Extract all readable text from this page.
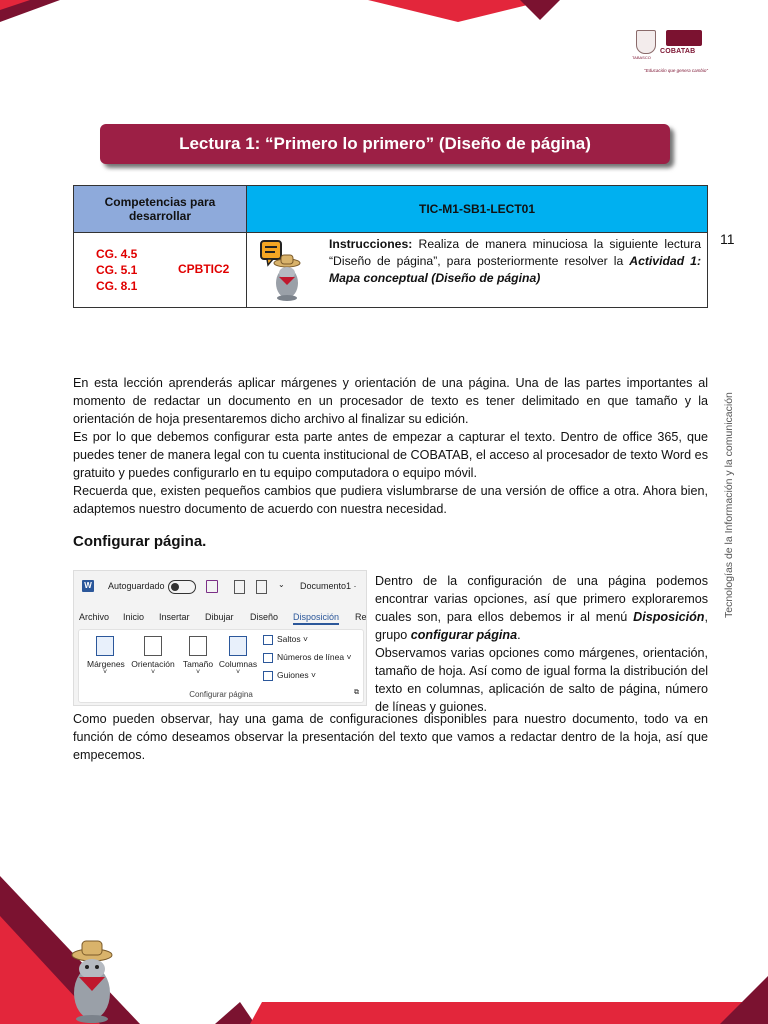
TABASCO
COBATAB
"Educación que genera cambio"
Lectura 1: “Primero lo primero” (Diseño de página)
Competencias para desarrollar	TIC-M1-SB1-LECT01

CG. 4.5
CG. 5.1
CG. 8.1
CPBTIC2	Instrucciones: Realiza de manera minuciosa la siguiente lectura “Diseño de página”, para posteriormente resolver la Actividad 1: Mapa conceptual (Diseño de página)
11
Tecnologías de la Información y la comunicación
En esta lección aprenderás aplicar márgenes y orientación de una página. Una de las partes importantes al momento de redactar un documento en un procesador de texto es tener delimitado en que tamaño y la orientación de hoja presentaremos dicho archivo al finalizar su edición.
Es por lo que debemos configurar esta parte antes de empezar a capturar el texto. Dentro de office 365, que puedes tener de manera legal con tu cuenta institucional de COBATAB, el acceso al procesador de texto Word es gratuito y puedes configurarlo en tu equipo computadora o equipo móvil.
Recuerda que, existen pequeños cambios que pudiera vislumbrarse de una versión de office a otra. Ahora bien, adaptemos nuestro documento de acuerdo con nuestra necesidad.
Configurar página.
W Autoguardado	⌄ Documento1 ·
Archivo Inicio Insertar Dibujar Diseño Disposición Re
Márgenes
˅
Orientación
˅
Tamaño
˅
Columnas
˅
Saltos ˅
Números de línea ˅
Guiones ˅
Configurar página	⧉

Dentro de la configuración de una página podemos encontrar varias opciones, así que primero exploraremos cuales son, para ellos debemos ir al menú Disposición, grupo configurar página.

Observamos varias opciones como márgenes, orientación, tamaño de hoja. Así como de igual forma la distribución del texto en columnas, aplicación de salto de página, número de líneas y guiones.

Como pueden observar, hay una gama de configuraciones disponibles para nuestro documento, todo va en función de cómo deseamos observar la presentación del texto que vamos a redactar dentro de la hoja, así que empecemos.
